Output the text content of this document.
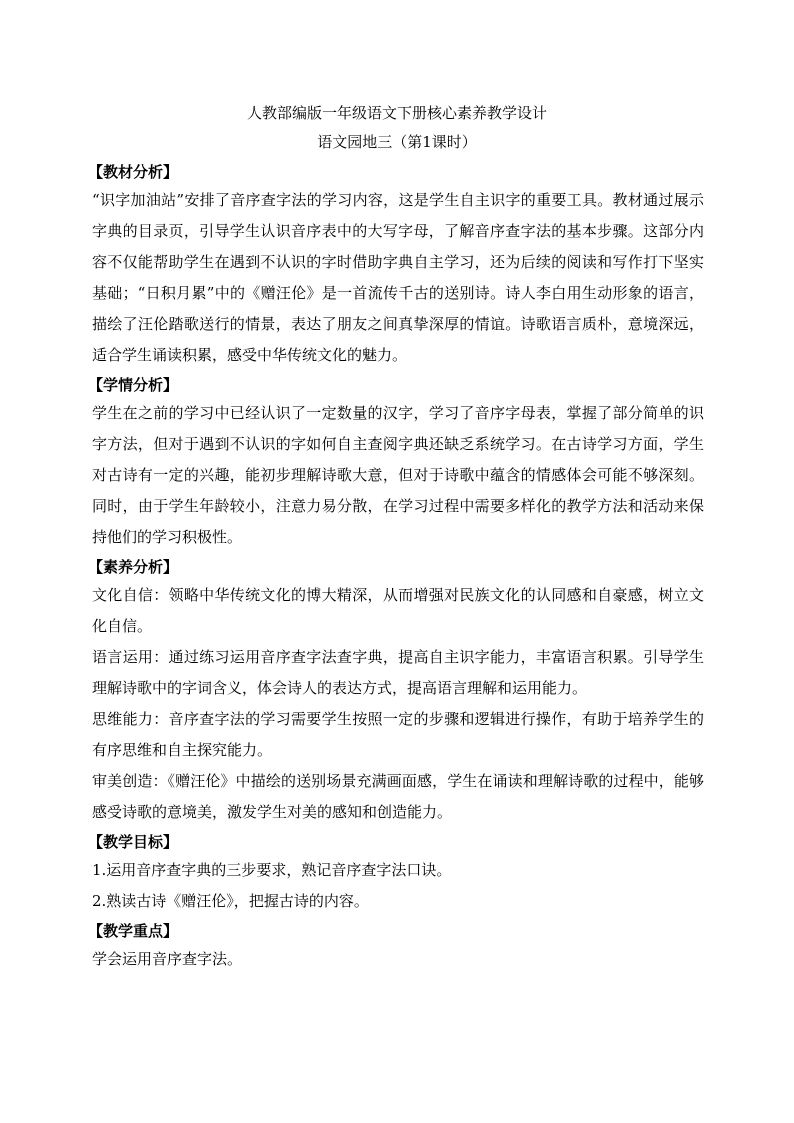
人教部编版一年级语文下册核心素养教学设计
语文园地三（第1课时）
【教材分析】

“识字加油站”安排了音序查字法的学习内容，这是学生自主识字的重要工具。教材通过展示字典的目录页，引导学生认识音序表中的大写字母，了解音序查字法的基本步骤。这部分内容不仅能帮助学生在遇到不认识的字时借助字典自主学习，还为后续的阅读和写作打下坚实基础；“日积月累”中的《赠汪伦》是一首流传千古的送别诗。诗人李白用生动形象的语言，描绘了汪伦踏歌送行的情景，表达了朋友之间真挚深厚的情谊。诗歌语言质朴，意境深远，适合学生诵读积累，感受中华传统文化的魅力。

【学情分析】

学生在之前的学习中已经认识了一定数量的汉字，学习了音序字母表，掌握了部分简单的识字方法，但对于遇到不认识的字如何自主查阅字典还缺乏系统学习。在古诗学习方面，学生对古诗有一定的兴趣，能初步理解诗歌大意，但对于诗歌中蕴含的情感体会可能不够深刻。同时，由于学生年龄较小，注意力易分散，在学习过程中需要多样化的教学方法和活动来保持他们的学习积极性。

【素养分析】

文化自信：领略中华传统文化的博大精深，从而增强对民族文化的认同感和自豪感，树立文化自信。

语言运用：通过练习运用音序查字法查字典，提高自主识字能力，丰富语言积累。引导学生理解诗歌中的字词含义，体会诗人的表达方式，提高语言理解和运用能力。

思维能力：音序查字法的学习需要学生按照一定的步骤和逻辑进行操作，有助于培养学生的有序思维和自主探究能力。

审美创造：《赠汪伦》中描绘的送别场景充满画面感，学生在诵读和理解诗歌的过程中，能够感受诗歌的意境美，激发学生对美的感知和创造能力。

【教学目标】

1.运用音序查字典的三步要求，熟记音序查字法口诀。

2.熟读古诗《赠汪伦》，把握古诗的内容。

【教学重点】

学会运用音序查字法。
